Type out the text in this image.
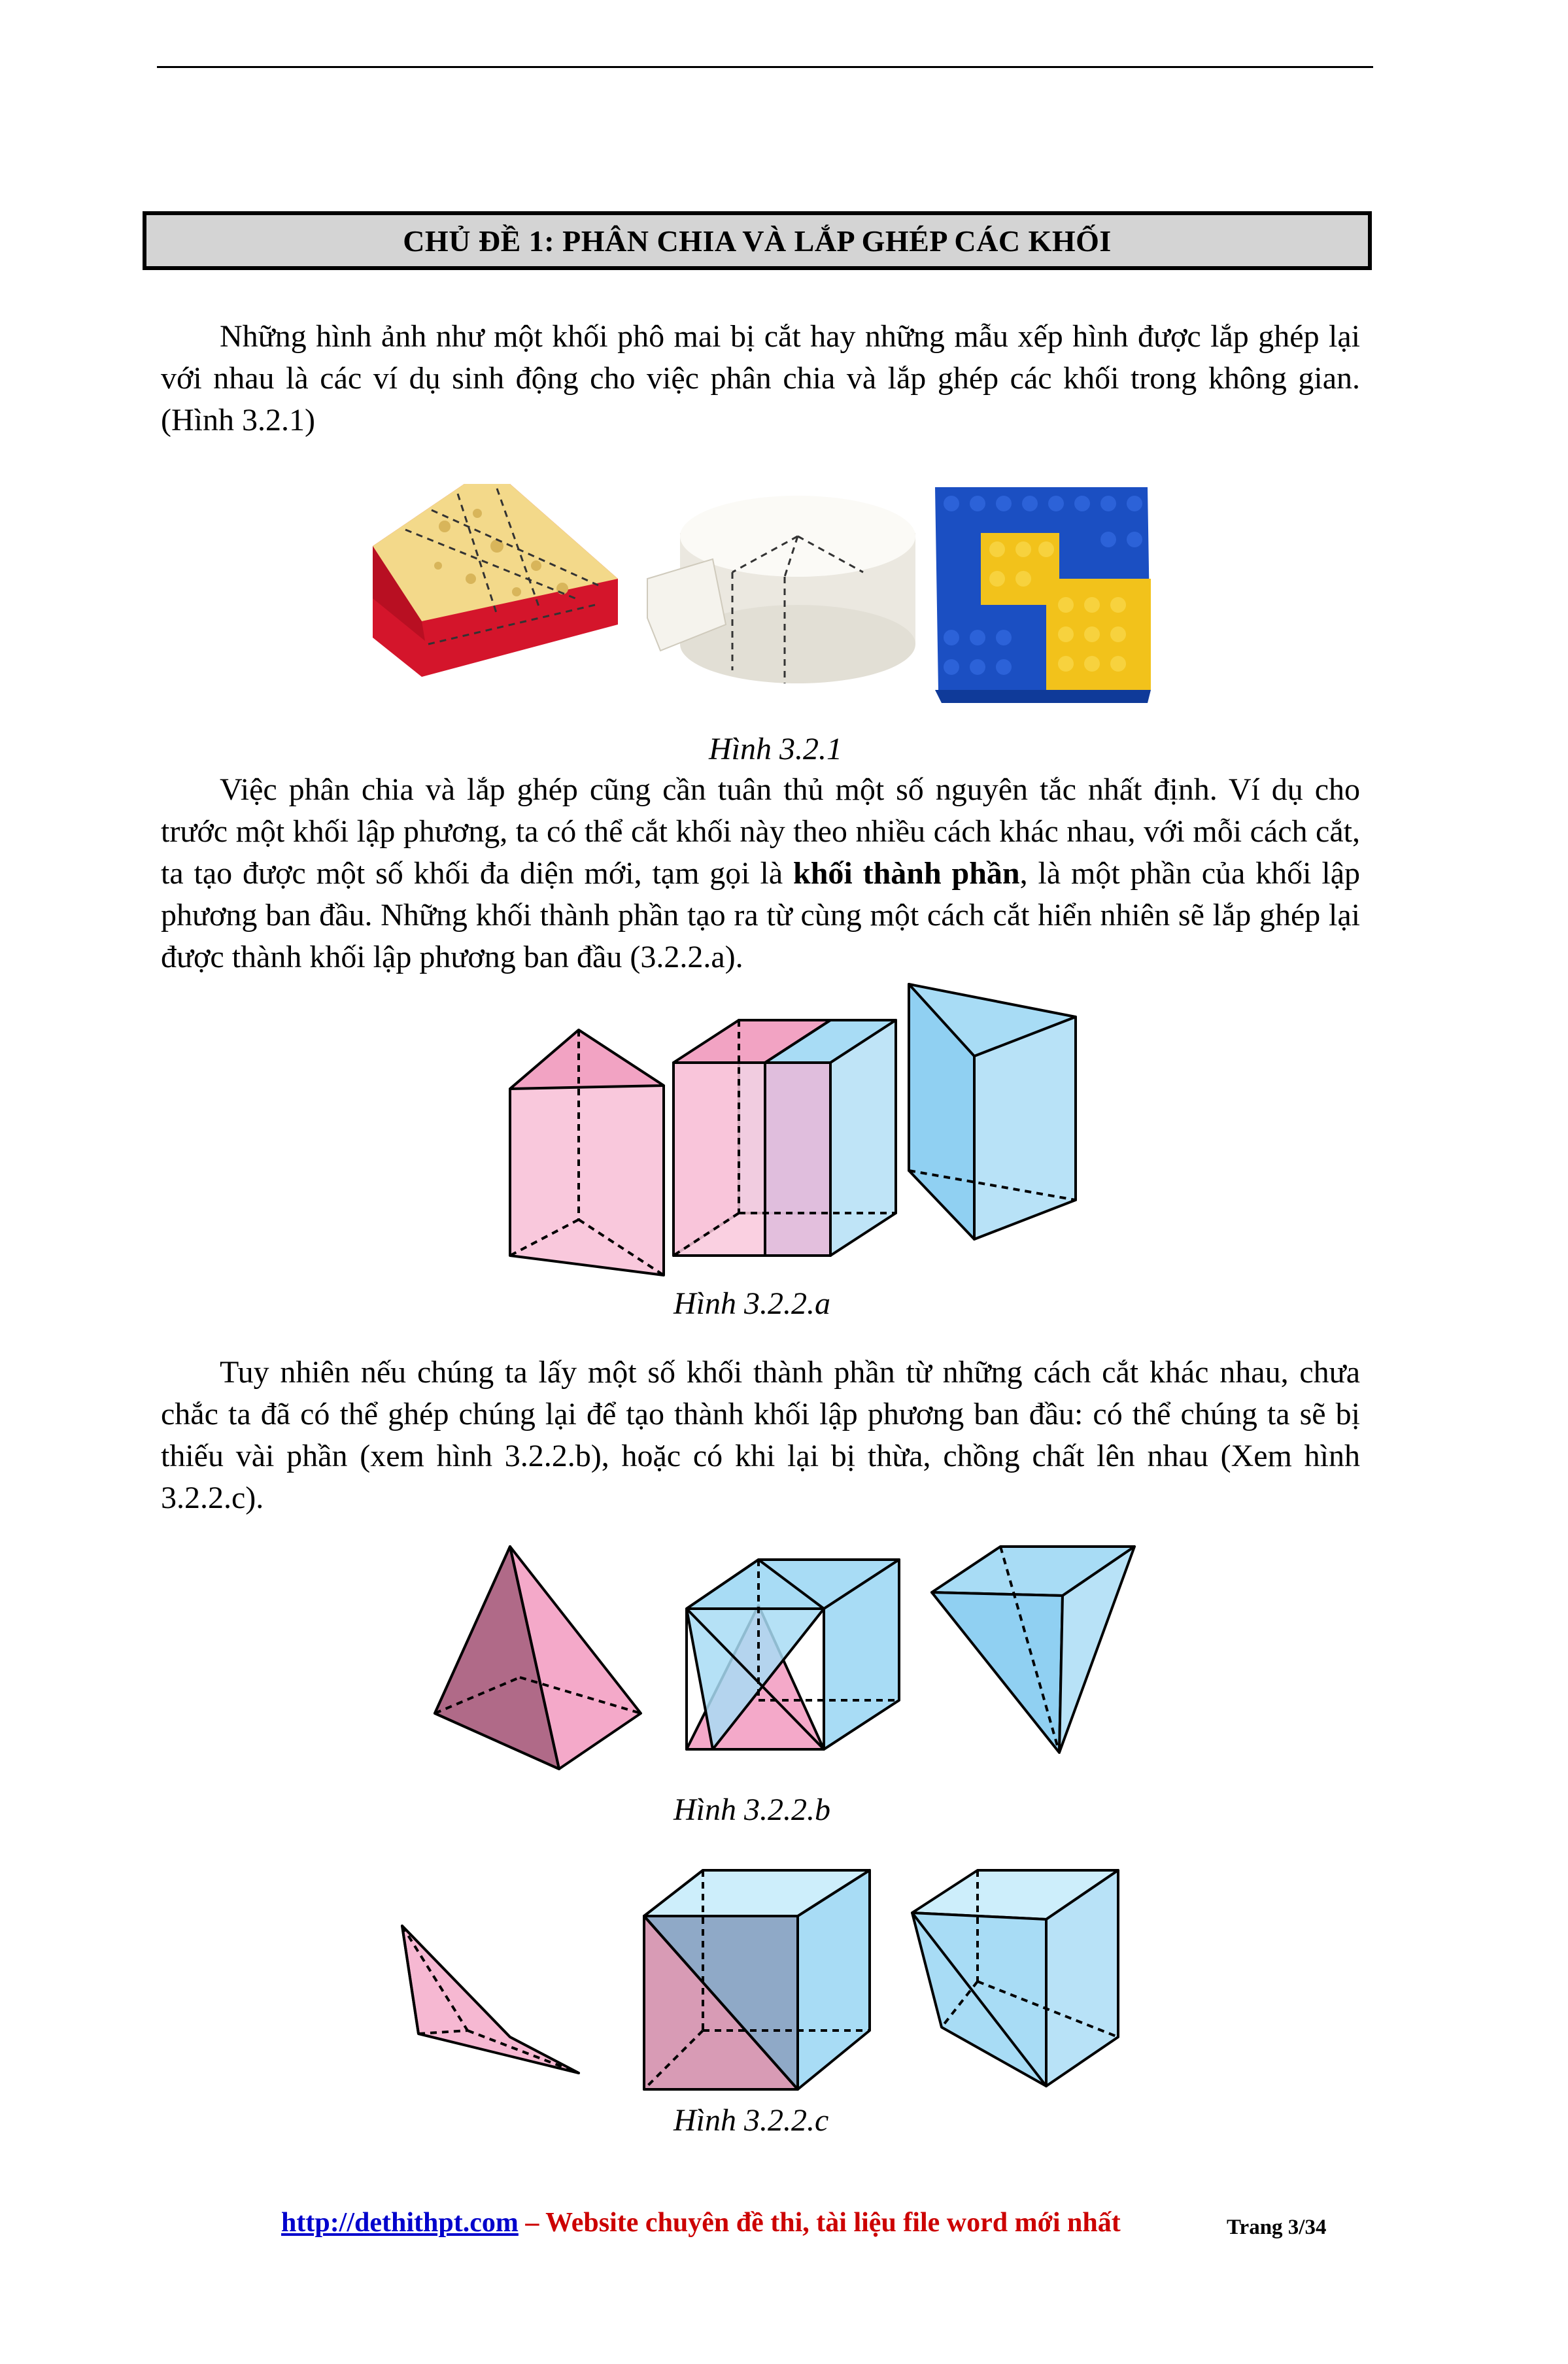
CHỦ ĐỀ 1: PHÂN CHIA VÀ LẮP GHÉP CÁC KHỐI

Những hình ảnh như một khối phô mai bị cắt hay những mẫu xếp hình được lắp ghép lại với nhau là các ví dụ sinh động cho việc phân chia và lắp ghép các khối trong không gian. (Hình 3.2.1)

Hình 3.2.1

Việc phân chia và lắp ghép cũng cần tuân thủ một số nguyên tắc nhất định. Ví dụ cho trước một khối lập phương, ta có thể cắt khối này theo nhiều cách khác nhau, với mỗi cách cắt, ta tạo được một số khối đa diện mới, tạm gọi là khối thành phần, là một phần của khối lập phương ban đầu. Những khối thành phần tạo ra từ cùng một cách cắt hiển nhiên sẽ lắp ghép lại được thành khối lập phương ban đầu (3.2.2.a).

Hình 3.2.2.a

Tuy nhiên nếu chúng ta lấy một số khối thành phần từ những cách cắt khác nhau, chưa chắc ta đã có thể ghép chúng lại để tạo thành khối lập phương ban đầu: có thể chúng ta sẽ bị thiếu vài phần (xem hình 3.2.2.b), hoặc có khi lại bị thừa, chồng chất lên nhau (Xem hình 3.2.2.c).

Hình 3.2.2.b
Hình 3.2.2.c
http://dethithpt.com – Website chuyên đề thi, tài liệu file word mới nhất	Trang 3/34
